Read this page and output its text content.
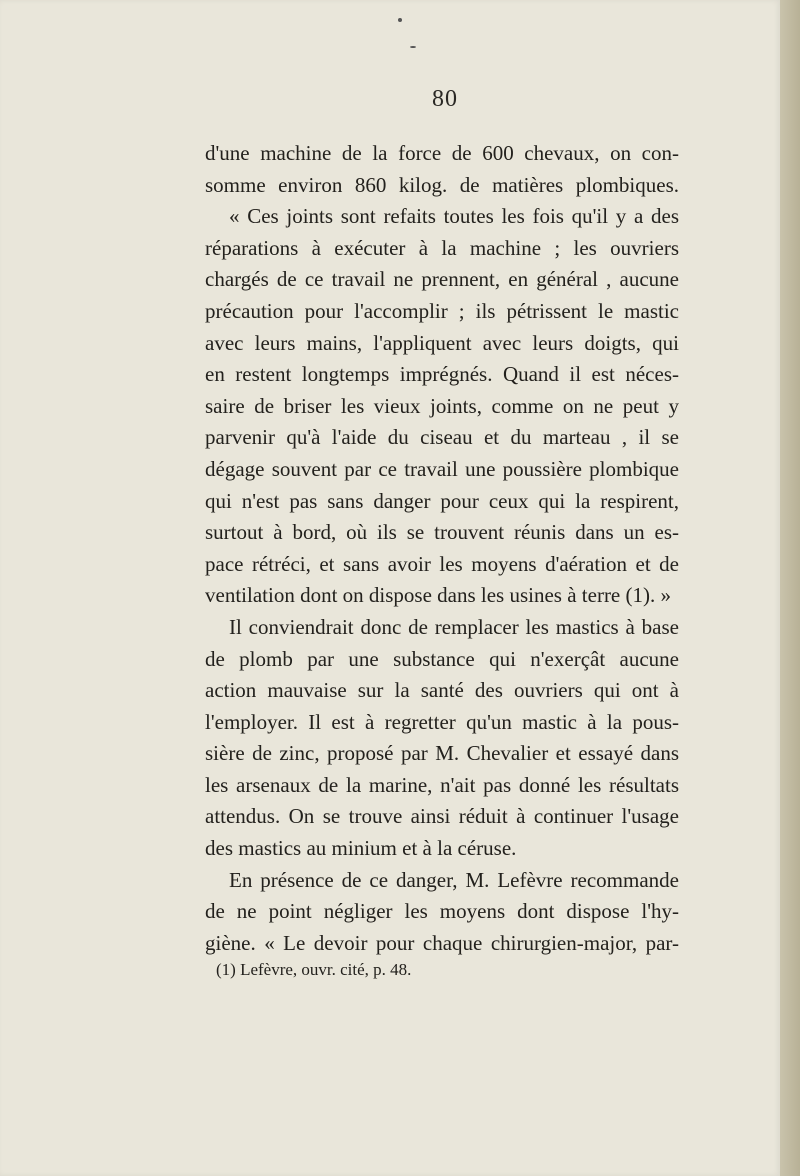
80
d'une machine de la force de 600 chevaux, on con-
somme environ 860 kilog. de matières plombiques.
« Ces joints sont refaits toutes les fois qu'il y a des
réparations à exécuter à la machine ; les ouvriers
chargés de ce travail ne prennent, en général , aucune
précaution pour l'accomplir ; ils pétrissent le mastic
avec leurs mains, l'appliquent avec leurs doigts, qui
en restent longtemps imprégnés. Quand il est néces-
saire de briser les vieux joints, comme on ne peut y
parvenir qu'à l'aide du ciseau et du marteau , il se
dégage souvent par ce travail une poussière plombique
qui n'est pas sans danger pour ceux qui la respirent,
surtout à bord, où ils se trouvent réunis dans un es-
pace rétréci, et sans avoir les moyens d'aération et de
ventilation dont on dispose dans les usines à terre (1). »
Il conviendrait donc de remplacer les mastics à base
de plomb par une substance qui n'exerçât aucune
action mauvaise sur la santé des ouvriers qui ont à
l'employer. Il est à regretter qu'un mastic à la pous-
sière de zinc, proposé par M. Chevalier et essayé dans
les arsenaux de la marine, n'ait pas donné les résultats
attendus. On se trouve ainsi réduit à continuer l'usage
des mastics au minium et à la céruse.
En présence de ce danger, M. Lefèvre recommande
de ne point négliger les moyens dont dispose l'hy-
giène. « Le devoir pour chaque chirurgien-major, par-
(1) Lefèvre, ouvr. cité, p. 48.
